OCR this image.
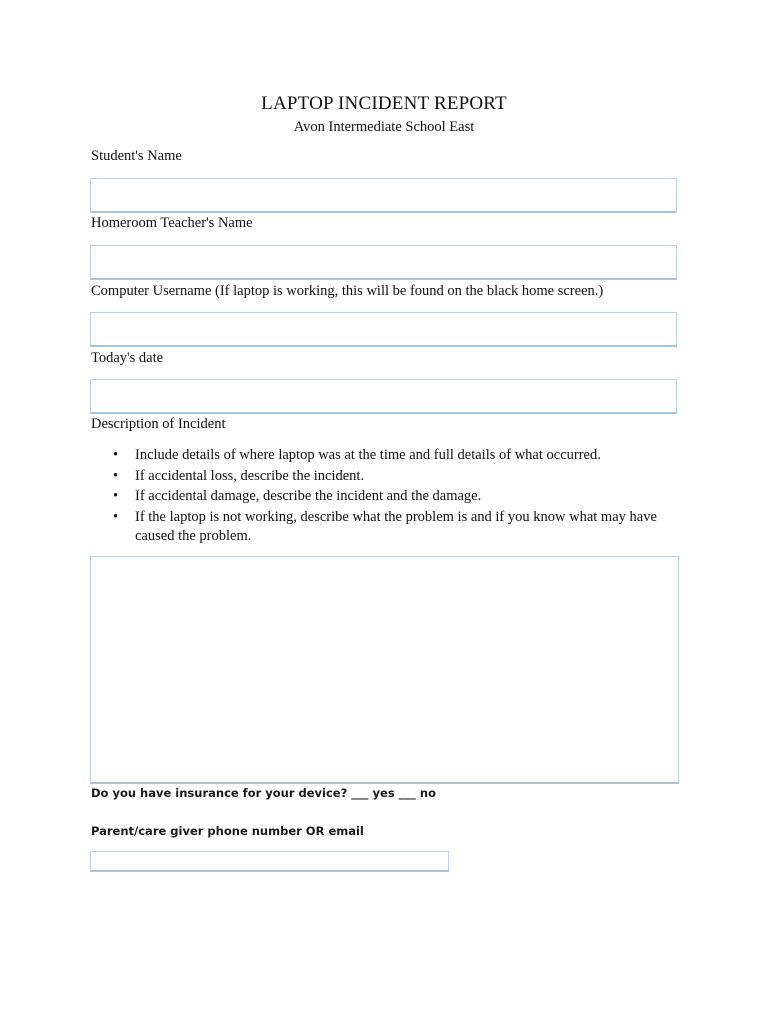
LAPTOP INCIDENT REPORT
Avon Intermediate School East
Student's Name
Homeroom Teacher's Name
Computer Username (If laptop is working, this will be found on the black home screen.)
Today's date
Description of Incident
• Include details of where laptop was at the time and full details of what occurred.
• If accidental loss, describe the incident.
• If accidental damage, describe the incident and the damage.
• If the laptop is not working, describe what the problem is and if you know what may have caused the problem.
Do you have insurance for your device? ___ yes ___ no
Parent/care giver phone number OR email
